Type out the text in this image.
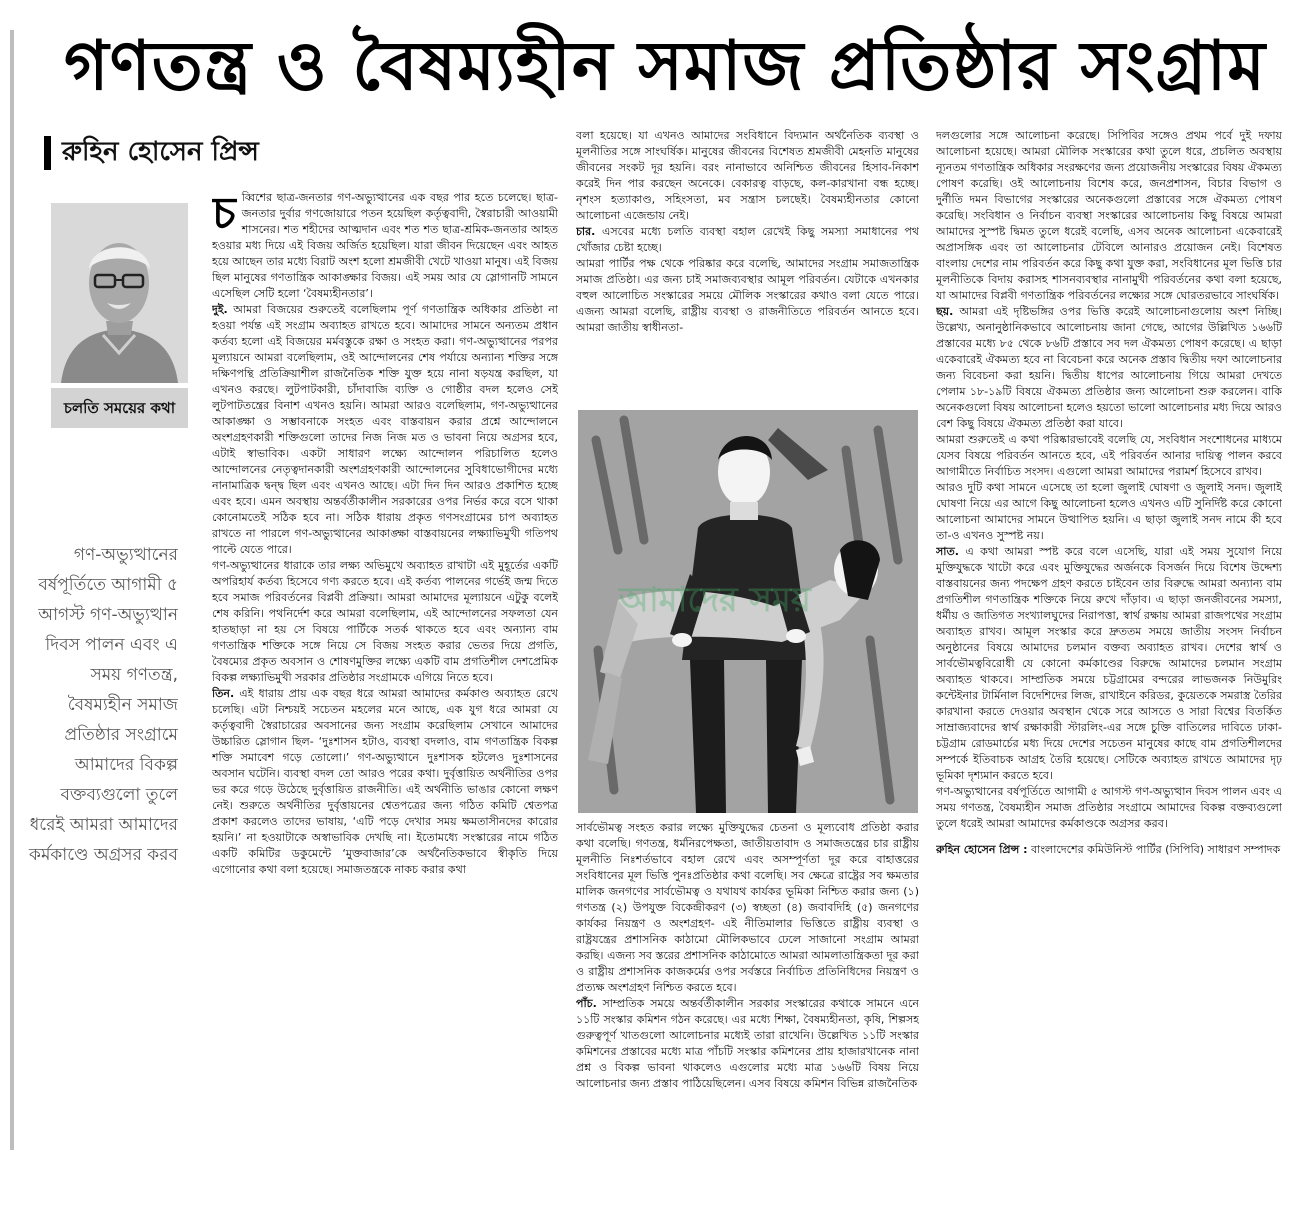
গণতন্ত্র ও বৈষম্যহীন সমাজ প্রতিষ্ঠার সংগ্রাম
রুহিন হোসেন প্রিন্স
চলতি সময়ের কথা

গণ-অভ্যুত্থানের বর্ষপূর্তিতে আগামী ৫ আগস্ট গণ-অভ্যুত্থান দিবস পালন এবং এ সময় গণতন্ত্র, বৈষম্যহীন সমাজ প্রতিষ্ঠার সংগ্রামে আমাদের বিকল্প বক্তব্যগুলো তুলে ধরেই আমরা আমাদের কর্মকাণ্ডে অগ্রসর করব

চব্বিশের ছাত্র-জনতার গণ-অভ্যুত্থানের এক বছর পার হতে চলেছে। ছাত্র-জনতার দুর্বার গণজোয়ারে পতন হয়েছিল কর্তৃত্ববাদী, স্বৈরাচারী আওয়ামী শাসনের। শত শহীদের আত্মদান এবং শত শত ছাত্র-শ্রমিক-জনতার আহত হওয়ার মধ্য দিয়ে এই বিজয় অর্জিত হয়েছিল। যারা জীবন দিয়েছেন এবং আহত হয়ে আছেন তার মধ্যে বিরাট অংশ হলো শ্রমজীবী খেটে খাওয়া মানুষ। এই বিজয় ছিল মানুষের গণতান্ত্রিক আকাঙ্ক্ষার বিজয়। এই সময় আর যে স্লোগানটি সামনে এসেছিল সেটি হলো ‘বৈষম্যহীনতার’।

দুই. আমরা বিজয়ের শুরুতেই বলেছিলাম পূর্ণ গণতান্ত্রিক অধিকার প্রতিষ্ঠা না হওয়া পর্যন্ত এই সংগ্রাম অব্যাহত রাখতে হবে। আমাদের সামনে অন্যতম প্রধান কর্তব্য হলো এই বিজয়ের মর্মবস্তুকে রক্ষা ও সংহত করা। গণ-অভ্যুত্থানের পরপর মূল্যায়নে আমরা বলেছিলাম, ওই আন্দোলনের শেষ পর্যায়ে অন্যান্য শক্তির সঙ্গে দক্ষিণপন্থি প্রতিক্রিয়াশীল রাজনৈতিক শক্তি যুক্ত হয়ে নানা ষড়যন্ত্র করছিল, যা এখনও করছে। লুটপাটকারী, চাঁদাবাজি ব্যক্তি ও গোষ্ঠীর বদল হলেও সেই লুটপাটতন্ত্রের বিনাশ এখনও হয়নি। আমরা আরও বলেছিলাম, গণ-অভ্যুত্থানের আকাঙ্ক্ষা ও সম্ভাবনাকে সংহত এবং বাস্তবায়ন করার প্রশ্নে আন্দোলনে অংশগ্রহণকারী শক্তিগুলো তাদের নিজ নিজ মত ও ভাবনা নিয়ে অগ্রসর হবে, এটাই স্বাভাবিক। একটা সাধারণ লক্ষ্যে আন্দোলন পরিচালিত হলেও আন্দোলনের নেতৃত্বদানকারী অংশগ্রহণকারী আন্দোলনের সুবিধাভোগীদের মধ্যে নানামাত্রিক দ্বন্দ্ব ছিল এবং এখনও আছে। এটা দিন দিন আরও প্রকাশিত হচ্ছে এবং হবে। এমন অবস্থায় অন্তর্বর্তীকালীন সরকারের ওপর নির্ভর করে বসে থাকা কোনোমতেই সঠিক হবে না। সঠিক ধারায় প্রকৃত গণসংগ্রামের চাপ অব্যাহত রাখতে না পারলে গণ-অভ্যুত্থানের আকাঙ্ক্ষা বাস্তবায়নের লক্ষ্যাভিমুখী গতিপথ পাল্টে যেতে পারে।

গণ-অভ্যুত্থানের ধারাকে তার লক্ষ্য অভিমুখে অব্যাহত রাখাটা এই মুহূর্তের একটি অপরিহার্য কর্তব্য হিসেবে গণ্য করতে হবে। এই কর্তব্য পালনের গর্ভেই জন্ম দিতে হবে সমাজ পরিবর্তনের বিপ্লবী প্রক্রিয়া। আমরা আমাদের মূল্যায়নে এটুকু বলেই শেষ করিনি। পথনির্দেশ করে আমরা বলেছিলাম, এই আন্দোলনের সফলতা যেন হাতছাড়া না হয় সে বিষয়ে পার্টিকে সতর্ক থাকতে হবে এবং অন্যান্য বাম গণতান্ত্রিক শক্তিকে সঙ্গে নিয়ে সে বিজয় সংহত করার ভেতর দিয়ে প্রগতি, বৈষম্যের প্রকৃত অবসান ও শোষণমুক্তির লক্ষ্যে একটি বাম প্রগতিশীল দেশপ্রেমিক বিকল্প লক্ষ্যাভিমুখী সরকার প্রতিষ্ঠার সংগ্রামকে এগিয়ে নিতে হবে।

তিন. এই ধারায় প্রায় এক বছর ধরে আমরা আমাদের কর্মকাণ্ড অব্যাহত রেখে চলেছি। এটা নিশ্চয়ই সচেতন মহলের মনে আছে, এক যুগ ধরে আমরা যে কর্তৃত্ববাদী স্বৈরাচারের অবসানের জন্য সংগ্রাম করেছিলাম সেখানে আমাদের উচ্চারিত স্লোগান ছিল- ‘দুঃশাসন হটাও, ব্যবস্থা বদলাও, বাম গণতান্ত্রিক বিকল্প শক্তি সমাবেশ গড়ে তোলো।’ গণ-অভ্যুত্থানে দুঃশাসক হটলেও দুঃশাসনের অবসান ঘটেনি। ব্যবস্থা বদল তো আরও পরের কথা। দুর্বৃত্তায়িত অর্থনীতির ওপর ভর করে গড়ে উঠেছে দুর্বৃত্তায়িত রাজনীতি। এই অর্থনীতি ভাঙার কোনো লক্ষণ নেই। শুরুতে অর্থনীতির দুর্বৃত্তায়নের শ্বেতপত্রের জন্য গঠিত কমিটি শ্বেতপত্র প্রকাশ করলেও তাদের ভাষায়, ‘এটি পড়ে দেখার সময় ক্ষমতাসীনদের কারোর হয়নি।’ না হওয়াটাকে অস্বাভাবিক দেখছি না। ইতোমধ্যে সংস্কারের নামে গঠিত একটি কমিটির ডকুমেন্টে ‘মুক্তবাজার’কে অর্থনৈতিকভাবে স্বীকৃতি দিয়ে এগোনোর কথা বলা হয়েছে। সমাজতন্ত্রকে নাকচ করার কথা

বলা হয়েছে। যা এখনও আমাদের সংবিধানে বিদ্যমান অর্থনৈতিক ব্যবস্থা ও মূলনীতির সঙ্গে সাংঘর্ষিক। মানুষের জীবনের বিশেষত শ্রমজীবী মেহনতি মানুষের জীবনের সংকট দূর হয়নি। বরং নানাভাবে অনিশ্চিত জীবনের হিসাব-নিকাশ করেই দিন পার করছেন অনেকে। বেকারত্ব বাড়ছে, কল-কারখানা বন্ধ হচ্ছে। নৃশংস হত্যাকাণ্ড, সহিংসতা, মব সন্ত্রাস চলছেই। বৈষম্যহীনতার কোনো আলোচনা এজেন্ডায় নেই।

চার. এসবের মধ্যে চলতি ব্যবস্থা বহাল রেখেই কিছু সমস্যা সমাধানের পথ খোঁজার চেষ্টা হচ্ছে।

আমরা পার্টির পক্ষ থেকে পরিষ্কার করে বলেছি, আমাদের সংগ্রাম সমাজতান্ত্রিক সমাজ প্রতিষ্ঠা। এর জন্য চাই সমাজব্যবস্থার আমূল পরিবর্তন। যেটাকে এখনকার বহুল আলোচিত সংস্কারের সময়ে মৌলিক সংস্কারের কথাও বলা যেতে পারে। এজন্য আমরা বলেছি, রাষ্ট্রীয় ব্যবস্থা ও রাজনীতিতে পরিবর্তন আনতে হবে। আমরা জাতীয় স্বাধীনতা-

আমাদের সময়

সার্বভৌমত্ব সংহত করার লক্ষ্যে মুক্তিযুদ্ধের চেতনা ও মূল্যবোধ প্রতিষ্ঠা করার কথা বলেছি। গণতন্ত্র, ধর্মনিরপেক্ষতা, জাতীয়তাবাদ ও সমাজতন্ত্রের চার রাষ্ট্রীয় মূলনীতি নিঃশর্তভাবে বহাল রেখে এবং অসম্পূর্ণতা দূর করে বাহাত্তরের সংবিধানের মূল ভিত্তি পুনঃপ্রতিষ্ঠার কথা বলেছি। সব ক্ষেত্রে রাষ্ট্রের সব ক্ষমতার মালিক জনগণের সার্বভৌমত্ব ও যথাযথ কার্যকর ভূমিকা নিশ্চিত করার জন্য (১) গণতন্ত্র (২) উপযুক্ত বিকেন্দ্রীকরণ (৩) স্বচ্ছতা (৪) জবাবদিহি (৫) জনগণের কার্যকর নিয়ন্ত্রণ ও অংশগ্রহণ- এই নীতিমালার ভিত্তিতে রাষ্ট্রীয় ব্যবস্থা ও রাষ্ট্রযন্ত্রের প্রশাসনিক কাঠামো মৌলিকভাবে ঢেলে সাজানো সংগ্রাম আমরা করছি। এজন্য সব স্তরের প্রশাসনিক কাঠামোতে আমরা আমলাতান্ত্রিকতা দূর করা ও রাষ্ট্রীয় প্রশাসনিক কাজকর্মের ওপর সর্বস্তরে নির্বাচিত প্রতিনিধিদের নিয়ন্ত্রণ ও প্রত্যক্ষ অংশগ্রহণ নিশ্চিত করতে হবে।

পাঁচ. সাম্প্রতিক সময়ে অন্তর্বর্তীকালীন সরকার সংস্কারের কথাকে সামনে এনে ১১টি সংস্কার কমিশন গঠন করেছে। এর মধ্যে শিক্ষা, বৈষম্যহীনতা, কৃষি, শিল্পসহ গুরুত্বপূর্ণ খাতগুলো আলোচনার মধ্যেই তারা রাখেনি। উল্লেখিত ১১টি সংস্কার কমিশনের প্রস্তাবের মধ্যে মাত্র পাঁচটি সংস্কার কমিশনের প্রায় হাজারখানেক নানা প্রশ্ন ও বিকল্প ভাবনা থাকলেও এগুলোর মধ্যে মাত্র ১৬৬টি বিষয় নিয়ে আলোচনার জন্য প্রস্তাব পাঠিয়েছিলেন। এসব বিষয়ে কমিশন বিভিন্ন রাজনৈতিক

দলগুলোর সঙ্গে আলোচনা করেছে। সিপিবির সঙ্গেও প্রথম পর্বে দুই দফায় আলোচনা হয়েছে। আমরা মৌলিক সংস্কারের কথা তুলে ধরে, প্রচলিত অবস্থায় ন্যূনতম গণতান্ত্রিক অধিকার সংরক্ষণের জন্য প্রয়োজনীয় সংস্কারের বিষয় ঐকমত্য পোষণ করেছি। ওই আলোচনায় বিশেষ করে, জনপ্রশাসন, বিচার বিভাগ ও দুর্নীতি দমন বিভাগের সংস্কারের অনেকগুলো প্রস্তাবের সঙ্গে ঐকমত্য পোষণ করেছি। সংবিধান ও নির্বাচন ব্যবস্থা সংস্কারের আলোচনায় কিছু বিষয়ে আমরা আমাদের সুস্পষ্ট দ্বিমত তুলে ধরেই বলেছি, এসব অনেক আলোচনা একেবারেই অপ্রাসঙ্গিক এবং তা আলোচনার টেবিলে আনারও প্রয়োজন নেই। বিশেষত বাংলায় দেশের নাম পরিবর্তন করে কিছু কথা যুক্ত করা, সংবিধানের মূল ভিত্তি চার মূলনীতিকে বিদায় করাসহ শাসনব্যবস্থার নানামুখী পরিবর্তনের কথা বলা হয়েছে, যা আমাদের বিপ্লবী গণতান্ত্রিক পরিবর্তনের লক্ষ্যের সঙ্গে ঘোরতরভাবে সাংঘর্ষিক।

ছয়. আমরা এই দৃষ্টিভঙ্গির ওপর ভিত্তি করেই আলোচনাগুলোয় অংশ নিচ্ছি। উল্লেখ্য, অনানুষ্ঠানিকভাবে আলোচনায় জানা গেছে, আগের উল্লিখিত ১৬৬টি প্রস্তাবের মধ্যে ৮৫ থেকে ৮৬টি প্রস্তাবে সব দল ঐকমত্য পোষণ করেছে। এ ছাড়া একেবারেই ঐকমত্য হবে না বিবেচনা করে অনেক প্রস্তাব দ্বিতীয় দফা আলোচনার জন্য বিবেচনা করা হয়নি। দ্বিতীয় ধাপের আলোচনায় গিয়ে আমরা দেখতে পেলাম ১৮-১৯টি বিষয়ে ঐকমত্য প্রতিষ্ঠার জন্য আলোচনা শুরু করলেন। বাকি অনেকগুলো বিষয় আলোচনা হলেও হয়তো ভালো আলোচনার মধ্য দিয়ে আরও বেশ কিছু বিষয়ে ঐকমত্য প্রতিষ্ঠা করা যাবে।

আমরা শুরুতেই এ কথা পরিষ্কারভাবেই বলেছি যে, সংবিধান সংশোধনের মাধ্যমে যেসব বিষয়ে পরিবর্তন আনতে হবে, এই পরিবর্তন আনার দায়িত্ব পালন করবে আগামীতে নির্বাচিত সংসদ। এগুলো আমরা আমাদের পরামর্শ হিসেবে রাখব।

আরও দুটি কথা সামনে এসেছে তা হলো জুলাই ঘোষণা ও জুলাই সনদ। জুলাই ঘোষণা নিয়ে এর আগে কিছু আলোচনা হলেও এখনও এটি সুনির্দিষ্ট করে কোনো আলোচনা আমাদের সামনে উত্থাপিত হয়নি। এ ছাড়া জুলাই সনদ নামে কী হবে তা-ও এখনও সুস্পষ্ট নয়।

সাত. এ কথা আমরা স্পষ্ট করে বলে এসেছি, যারা এই সময় সুযোগ নিয়ে মুক্তিযুদ্ধকে খাটো করে এবং মুক্তিযুদ্ধের অর্জনকে বিসর্জন দিয়ে বিশেষ উদ্দেশ্য বাস্তবায়নের জন্য পদক্ষেপ গ্রহণ করতে চাইবেন তার বিরুদ্ধে আমরা অন্যান্য বাম প্রগতিশীল গণতান্ত্রিক শক্তিকে নিয়ে রুখে দাঁড়াব। এ ছাড়া জনজীবনের সমস্যা, ধর্মীয় ও জাতিগত সংখ্যালঘুদের নিরাপত্তা, স্বার্থ রক্ষায় আমরা রাজপথের সংগ্রাম অব্যাহত রাখব। আমূল সংস্কার করে দ্রুততম সময়ে জাতীয় সংসদ নির্বাচন অনুষ্ঠানের বিষয়ে আমাদের চলমান বক্তব্য অব্যাহত রাখব। দেশের স্বার্থ ও সার্বভৌমত্ববিরোধী যে কোনো কর্মকাণ্ডের বিরুদ্ধে আমাদের চলমান সংগ্রাম অব্যাহত থাকবে। সাম্প্রতিক সময়ে চট্টগ্রামের বন্দরের লাভজনক নিউমুরিং কন্টেইনার টার্মিনাল বিদেশিদের লিজ, রাখাইনে করিডর, কুয়েতকে সমরাস্ত্র তৈরির কারখানা করতে দেওয়ার অবস্থান থেকে সরে আসতে ও সারা বিশ্বের বিতর্কিত সাম্রাজ্যবাদের স্বার্থ রক্ষাকারী স্টারলিং-এর সঙ্গে চুক্তি বাতিলের দাবিতে ঢাকা-চট্টগ্রাম রোডমার্চের মধ্য দিয়ে দেশের সচেতন মানুষের কাছে বাম প্রগতিশীলদের সম্পর্কে ইতিবাচক আগ্রহ তৈরি হয়েছে। সেটিকে অব্যাহত রাখতে আমাদের দৃঢ় ভূমিকা দৃশ্যমান করতে হবে।

গণ-অভ্যুত্থানের বর্ষপূর্তিতে আগামী ৫ আগস্ট গণ-অভ্যুত্থান দিবস পালন এবং এ সময় গণতন্ত্র, বৈষম্যহীন সমাজ প্রতিষ্ঠার সংগ্রামে আমাদের বিকল্প বক্তব্যগুলো তুলে ধরেই আমরা আমাদের কর্মকাণ্ডকে অগ্রসর করব।

রুহিন হোসেন প্রিন্স : বাংলাদেশের কমিউনিস্ট পার্টির (সিপিবি) সাধারণ সম্পাদক
